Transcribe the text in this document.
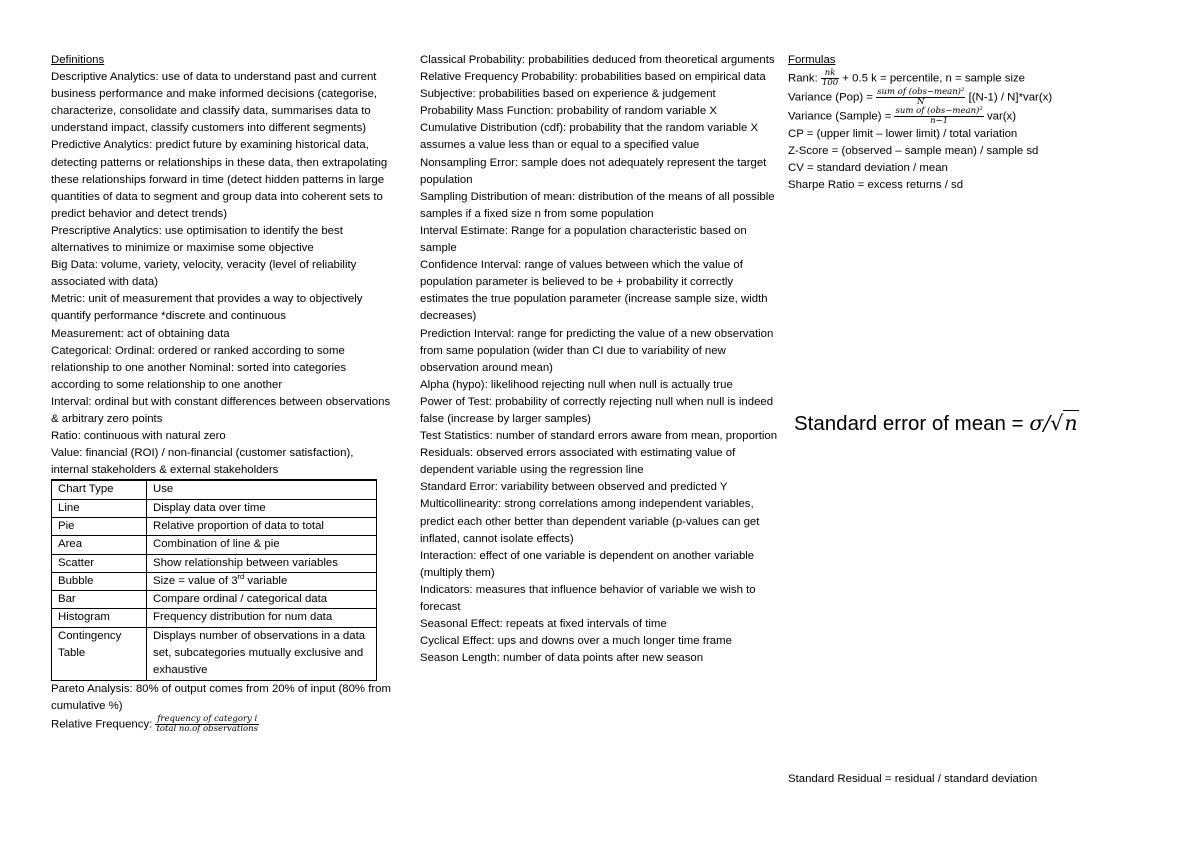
Definitions

Descriptive Analytics: use of data to understand past and current business performance and make informed decisions (categorise, characterize, consolidate and classify data, summarises data to understand impact, classify customers into different segments)

Predictive Analytics: predict future by examining historical data, detecting patterns or relationships in these data, then extrapolating these relationships forward in time (detect hidden patterns in large quantities of data to segment and group data into coherent sets to predict behavior and detect trends)

Prescriptive Analytics: use optimisation to identify the best alternatives to minimize or maximise some objective

Big Data: volume, variety, velocity, veracity (level of reliability associated with data)

Metric: unit of measurement that provides a way to objectively quantify performance *discrete and continuous

Measurement: act of obtaining data

Categorical: Ordinal: ordered or ranked according to some relationship to one another Nominal: sorted into categories according to some relationship to one another

Interval: ordinal but with constant differences between observations & arbitrary zero points

Ratio: continuous with natural zero

Value: financial (ROI) / non-financial (customer satisfaction), internal stakeholders & external stakeholders

Chart Type	Use
Line	Display data over time
Pie	Relative proportion of data to total
Area	Combination of line & pie
Scatter	Show relationship between variables
Bubble	Size = value of 3rd variable
Bar	Compare ordinal / categorical data
Histogram	Frequency distribution for num data
Contingency Table	Displays number of observations in a data set, subcategories mutually exclusive and exhaustive

Pareto Analysis: 80% of output comes from 20% of input (80% from cumulative %)

Relative Frequency: $\frac{\text{frequency of category i}}{\text{total no.of observations}}$

Classical Probability: probabilities deduced from theoretical arguments

Relative Frequency Probability: probabilities based on empirical data

Subjective: probabilities based on experience & judgement

Probability Mass Function: probability of random variable X

Cumulative Distribution (cdf): probability that the random variable X assumes a value less than or equal to a specified value

Nonsampling Error: sample does not adequately represent the target population

Sampling Distribution of mean: distribution of the means of all possible samples if a fixed size n from some population

Interval Estimate: Range for a population characteristic based on sample

Confidence Interval: range of values between which the value of population parameter is believed to be + probability it correctly estimates the true population parameter (increase sample size, width decreases)

Prediction Interval: range for predicting the value of a new observation from same population (wider than CI due to variability of new observation around mean)

Alpha (hypo): likelihood rejecting null when null is actually true

Power of Test: probability of correctly rejecting null when null is indeed false (increase by larger samples)

Test Statistics: number of standard errors aware from mean, proportion

Residuals: observed errors associated with estimating value of dependent variable using the regression line

Standard Error: variability between observed and predicted Y

Multicollinearity: strong correlations among independent variables, predict each other better than dependent variable (p-values can get inflated, cannot isolate effects)

Interaction: effect of one variable is dependent on another variable (multiply them)

Indicators: measures that influence behavior of variable we wish to forecast

Seasonal Effect: repeats at fixed intervals of time

Cyclical Effect: ups and downs over a much longer time frame

Season Length: number of data points after new season

Formulas

Rank: $\frac{nk}{100} + 0.5$ k = percentile, n = sample size

Variance $(Pop) = \frac{\text{sum of (obs−mean)²}}{N} [(N-1) / N]*var(x)$

Variance (Sample) = $\frac{\text{sum of (obs−mean)²}}{n-1} var(x)$

CP = (upper limit – lower limit) / total variation

Z-Score = (observed – sample mean) / sample sd

CV = standard deviation / mean

Sharpe Ratio = excess returns / sd

Standard error of mean = σ/√n
Standard Residual = residual / standard deviation
